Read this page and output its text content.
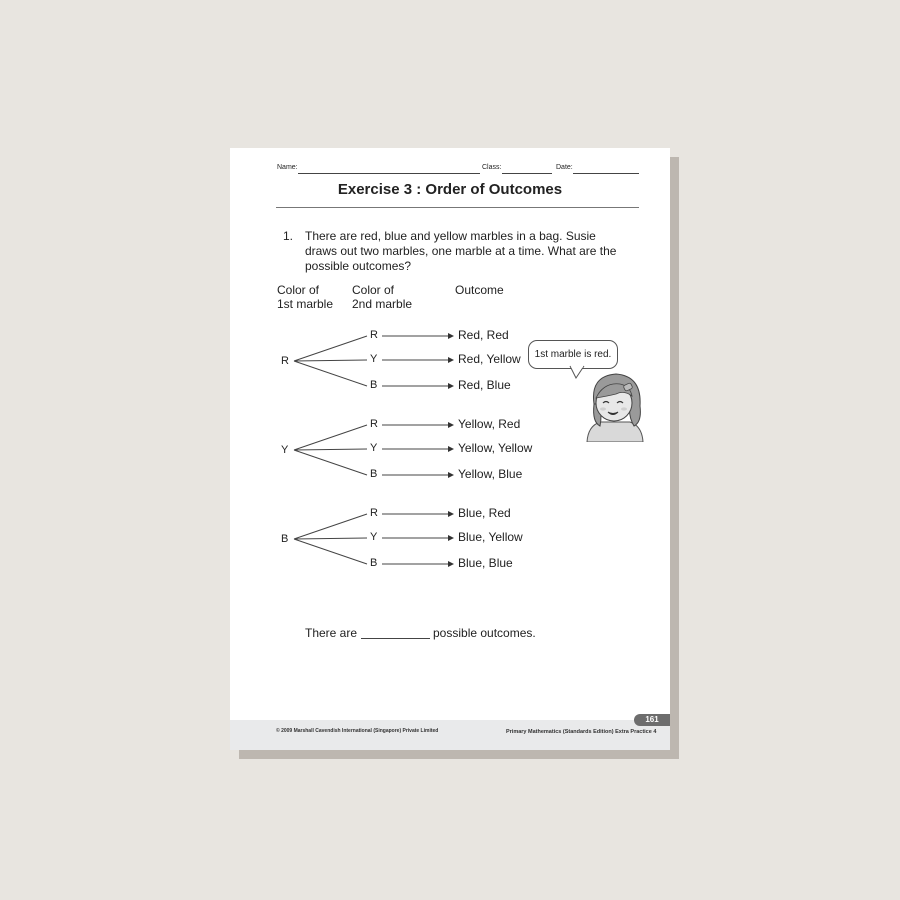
Name:	Class:	Date:
Exercise 3 : Order of Outcomes
1. There are red, blue and yellow marbles in a bag. Susie
draws out two marbles, one marble at a time. What are the
possible outcomes?
Color of
1st marble
Color of
2nd marble
Outcome
R
R
Y
B
Red, Red
Red, Yellow
Red, Blue
Y
R
Y
B
Yellow, Red
Yellow, Yellow
Yellow, Blue
B
R
Y
B
Blue, Red
Blue, Yellow
Blue, Blue
1st marble is red.
There are	possible outcomes.
161
© 2009 Marshall Cavendish International (Singapore) Private Limited	Primary Mathematics (Standards Edition) Extra Practice 4
